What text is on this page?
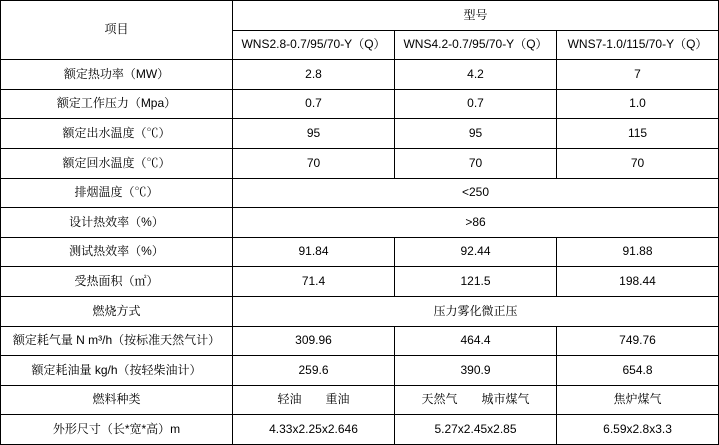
项目	型号		
	WNS2.8-0.7/95/70-Y（Q）	WNS4.2-0.7/95/70-Y（Q）	WNS7-1.0/115/70-Y（Q）
额定热功率（MW）	2.8	4.2	7
额定工作压力（Mpa）	0.7	0.7	1.0
额定出水温度（℃）	95	95	115
额定回水温度（℃）	70	70	70
排烟温度（℃）	<250		
设计热效率（%）	>86		
测试热效率（%）	91.84	92.44	91.88
受热面积（㎡）	71.4	121.5	198.44
燃烧方式	压力雾化微正压		
额定耗气量 N m³/h（按标准天然气计）	309.96	464.4	749.76
额定耗油量 kg/h（按轻柴油计）	259.6	390.9	654.8
燃料种类	轻油　　重油	天然气　　城市煤气	焦炉煤气
外形尺寸（长*宽*高）m	4.33x2.25x2.646	5.27x2.45x2.85	6.59x2.8x3.3
